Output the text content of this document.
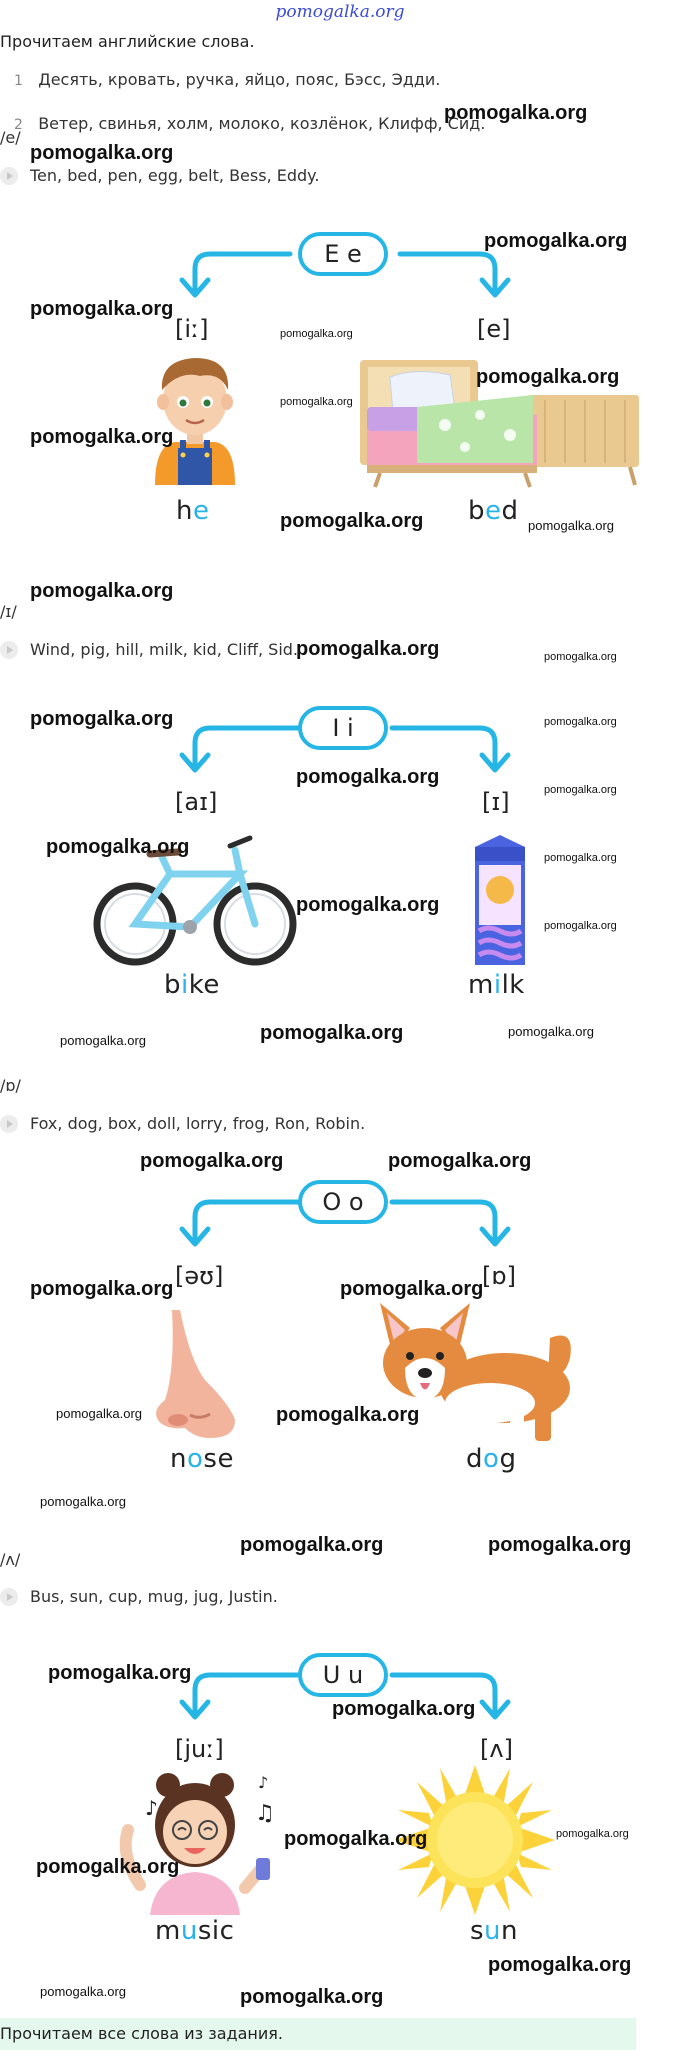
pomogalka.org
Прочитаем английские слова.
1 Десять, кровать, ручка, яйцо, пояс, Бэсс, Эдди.
2 Ветер, свинья, холм, молоко, козлёнок, Клифф, Сид.
/e/
Ten, bed, pen, egg, belt, Bess, Eddy.
E e
[iː]	[e]
he	bed
/ɪ/
Wind, pig, hill, milk, kid, Cliff, Sid.
I i
[aɪ]	[ɪ]
bike	milk
/ɒ/
Fox, dog, box, doll, lorry, frog, Ron, Robin.
O o
[əʊ]	[ɒ]
nose	dog
/ʌ/
Bus, sun, cup, mug, jug, Justin.
U u
[juː]	[ʌ]
♪	♫
♪
music	sun
pomogalka.org
pomogalka.org
pomogalka.org
pomogalka.org
pomogalka.org
pomogalka.org
pomogalka.org
pomogalka.org
pomogalka.org	pomogalka.org
pomogalka.org
pomogalka.org	pomogalka.org
pomogalka.org	pomogalka.org
pomogalka.org
pomogalka.org
pomogalka.org	pomogalka.org
pomogalka.org
pomogalka.org
pomogalka.org	pomogalka.org	pomogalka.org
pomogalka.org	pomogalka.org
pomogalka.org	pomogalka.org
pomogalka.org	pomogalka.org
pomogalka.org
pomogalka.org	pomogalka.org
pomogalka.org
pomogalka.org
pomogalka.org	pomogalka.org
pomogalka.org
pomogalka.org
pomogalka.org	pomogalka.org
Прочитаем все слова из задания.
